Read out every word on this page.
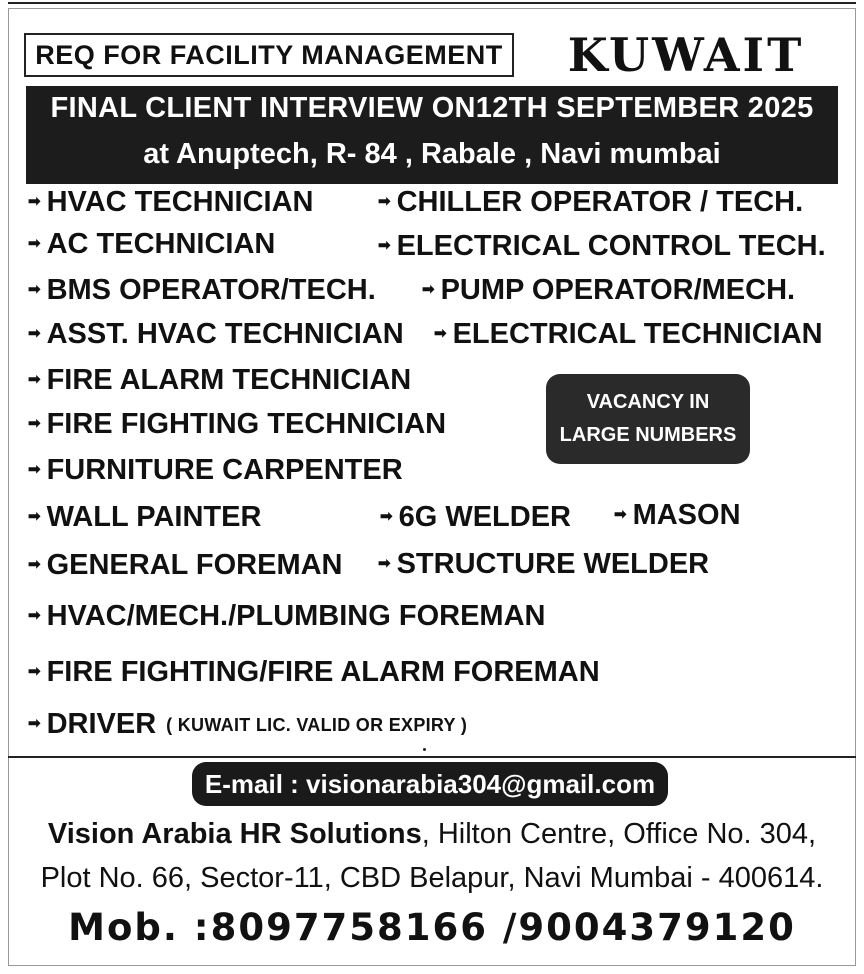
REQ FOR FACILITY MANAGEMENT	KUWAIT
FINAL CLIENT INTERVIEW ON12TH SEPTEMBER 2025
at Anuptech, R- 84 , Rabale , Navi mumbai
➡ HVAC TECHNICIAN	➡ CHILLER OPERATOR / TECH.
➡ AC TECHNICIAN	➡ ELECTRICAL CONTROL TECH.
➡ BMS OPERATOR/TECH.	➡ PUMP OPERATOR/MECH.
➡ ASST. HVAC TECHNICIAN ➡ ELECTRICAL TECHNICIAN
➡ FIRE ALARM TECHNICIAN
➡ FIRE FIGHTING TECHNICIAN
➡ FURNITURE CARPENTER
➡ WALL PAINTER	➡ 6G WELDER	➡ MASON
➡ GENERAL FOREMAN ➡ STRUCTURE WELDER
➡ HVAC/MECH./PLUMBING FOREMAN
➡ FIRE FIGHTING/FIRE ALARM FOREMAN
➡ DRIVER ( KUWAIT LIC. VALID OR EXPIRY )
VACANCY IN
LARGE NUMBERS
E-mail : visionarabia304@gmail.com
Vision Arabia HR Solutions, Hilton Centre, Office No. 304,
Plot No. 66, Sector-11, CBD Belapur, Navi Mumbai - 400614.
Mob. :8097758166 /9004379120
